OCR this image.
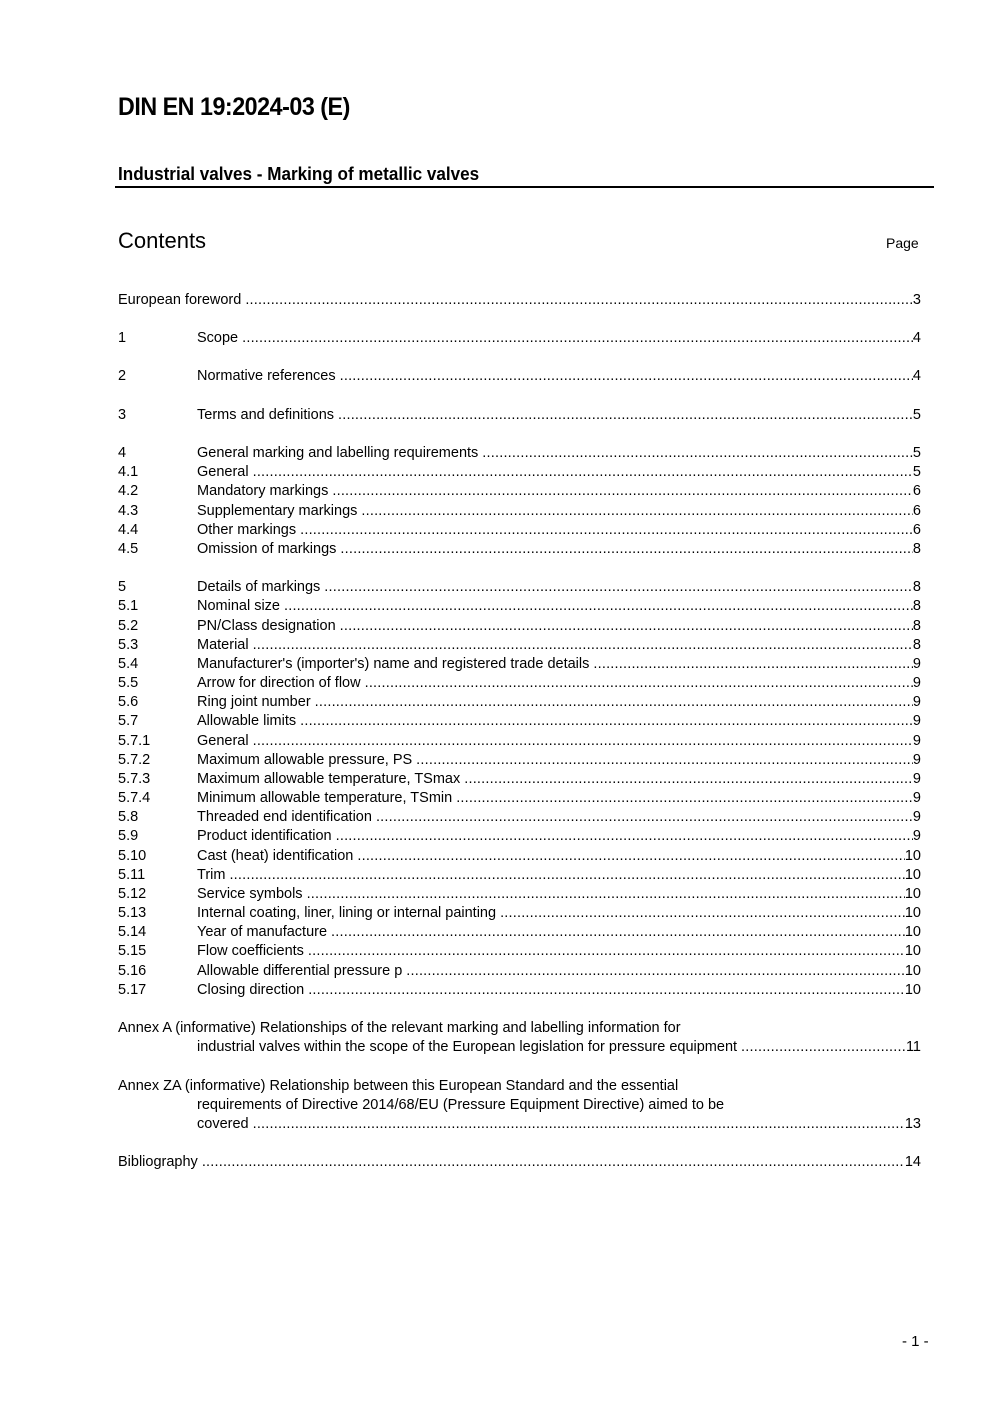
DIN EN 19:2024-03 (E)
Industrial valves - Marking of metallic valves
Contents	Page
European foreword .....	3
1	Scope .....	4
2	Normative references .....	4
3	Terms and definitions .....	5
4	General marking and labelling requirements .....	5
4.1	General .....	5
4.2	Mandatory markings .....	6
4.3	Supplementary markings .....	6
4.4	Other markings .....	6
4.5	Omission of markings .....	8
5	Details of markings .....	8
5.1	Nominal size .....	8
5.2	PN/Class designation .....	8
5.3	Material .....	8
5.4	Manufacturer's (importer's) name and registered trade details .....	9
5.5	Arrow for direction of flow .....	9
5.6	Ring joint number .....	9
5.7	Allowable limits .....	9
5.7.1	General .....	9
5.7.2	Maximum allowable pressure, PS .....	9
5.7.3	Maximum allowable temperature, TSmax .....	9
5.7.4	Minimum allowable temperature, TSmin .....	9
5.8	Threaded end identification .....	9
5.9	Product identification .....	9
5.10	Cast (heat) identification .....	10
5.11	Trim .....	10
5.12	Service symbols .....	10
5.13	Internal coating, liner, lining or internal painting .....	10
5.14	Year of manufacture .....	10
5.15	Flow coefficients .....	10
5.16	Allowable differential pressure p .....	10
5.17	Closing direction .....	10
Annex A (informative) Relationships of the relevant marking and labelling information for
industrial valves within the scope of the European legislation for pressure equipment .....	11
Annex ZA (informative) Relationship between this European Standard and the essential
requirements of Directive 2014/68/EU (Pressure Equipment Directive) aimed to be
covered .....	13
Bibliography .....	14
- 1 -
